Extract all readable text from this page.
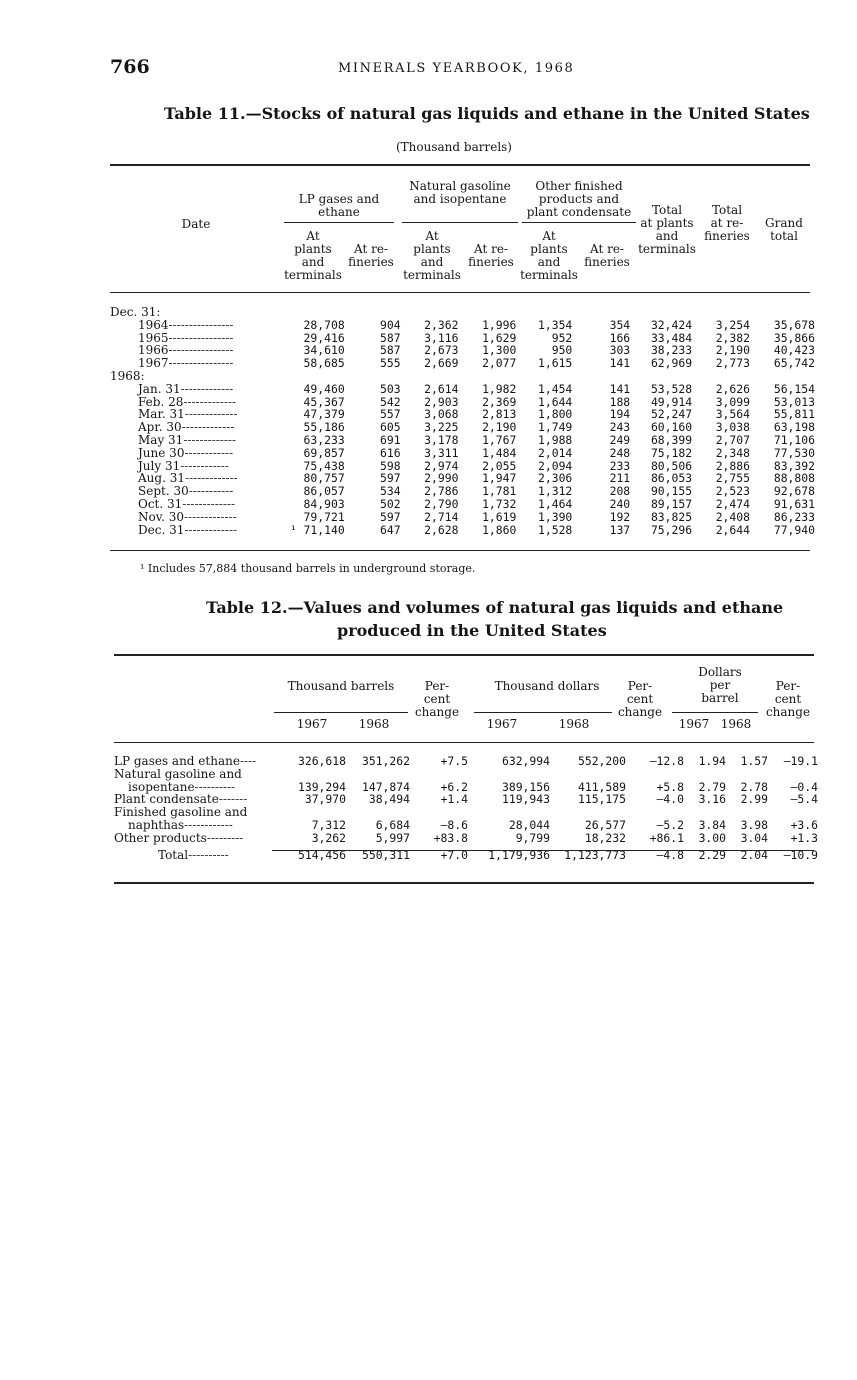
766	MINERALS YEARBOOK, 1968
Table 11.—Stocks of natural gas liquids and ethane in the United States
(Thousand barrels)
Date
LP gases and
ethane
Natural gasoline
and isopentane
Other finished
products and
plant condensate
At
plants
and
terminals
At re-
fineries
At
plants
and
terminals
At re-
fineries
At
plants
and
terminals
At re-
fineries
Total
at plants
and
terminals
Total
at re-
fineries
Grand
total
Dec. 31:									
1964----------------	28,708	904	2,362	1,996	1,354	354	32,424	3,254	35,678
1965----------------	29,416	587	3,116	1,629	952	166	33,484	2,382	35,866
1966----------------	34,610	587	2,673	1,300	950	303	38,233	2,190	40,423
1967----------------	58,685	555	2,669	2,077	1,615	141	62,969	2,773	65,742
1968:									
Jan. 31-------------	49,460	503	2,614	1,982	1,454	141	53,528	2,626	56,154
Feb. 28-------------	45,367	542	2,903	2,369	1,644	188	49,914	3,099	53,013
Mar. 31-------------	47,379	557	3,068	2,813	1,800	194	52,247	3,564	55,811
Apr. 30-------------	55,186	605	3,225	2,190	1,749	243	60,160	3,038	63,198
May 31-------------	63,233	691	3,178	1,767	1,988	249	68,399	2,707	71,106
June 30------------	69,857	616	3,311	1,484	2,014	248	75,182	2,348	77,530
July 31------------	75,438	598	2,974	2,055	2,094	233	80,506	2,886	83,392
Aug. 31-------------	80,757	597	2,990	1,947	2,306	211	86,053	2,755	88,808
Sept. 30-----------	86,057	534	2,786	1,781	1,312	208	90,155	2,523	92,678
Oct. 31-------------	84,903	502	2,790	1,732	1,464	240	89,157	2,474	91,631
Nov. 30-------------	79,721	597	2,714	1,619	1,390	192	83,825	2,408	86,233
Dec. 31-------------	¹ 71,140	647	2,628	1,860	1,528	137	75,296	2,644	77,940
¹ Includes 57,884 thousand barrels in underground storage.
Table 12.—Values and volumes of natural gas liquids and ethane
produced in the United States
Thousand barrels	Per-
cent
change
Thousand dollars	Per-
cent
change
Dollars
per
barrel
Per-
cent
change
1967	1968	1967	1968	1967 1968
LP gases and ethane----	326,618	351,262	+7.5	632,994	552,200	—12.8	1.94	1.57	—19.1
Natural gasoline and									
isopentane----------	139,294	147,874	+6.2	389,156	411,589	+5.8	2.79	2.78	—0.4
Plant condensate-------	37,970	38,494	+1.4	119,943	115,175	—4.0	3.16	2.99	—5.4
Finished gasoline and									
naphthas------------	7,312	6,684	—8.6	28,044	26,577	—5.2	3.84	3.98	+3.6
Other products---------	3,262	5,997	+83.8	9,799	18,232	+86.1	3.00	3.04	+1.3
Total----------	514,456	550,311	+7.0	1,179,936	1,123,773	—4.8	2.29	2.04	—10.9
